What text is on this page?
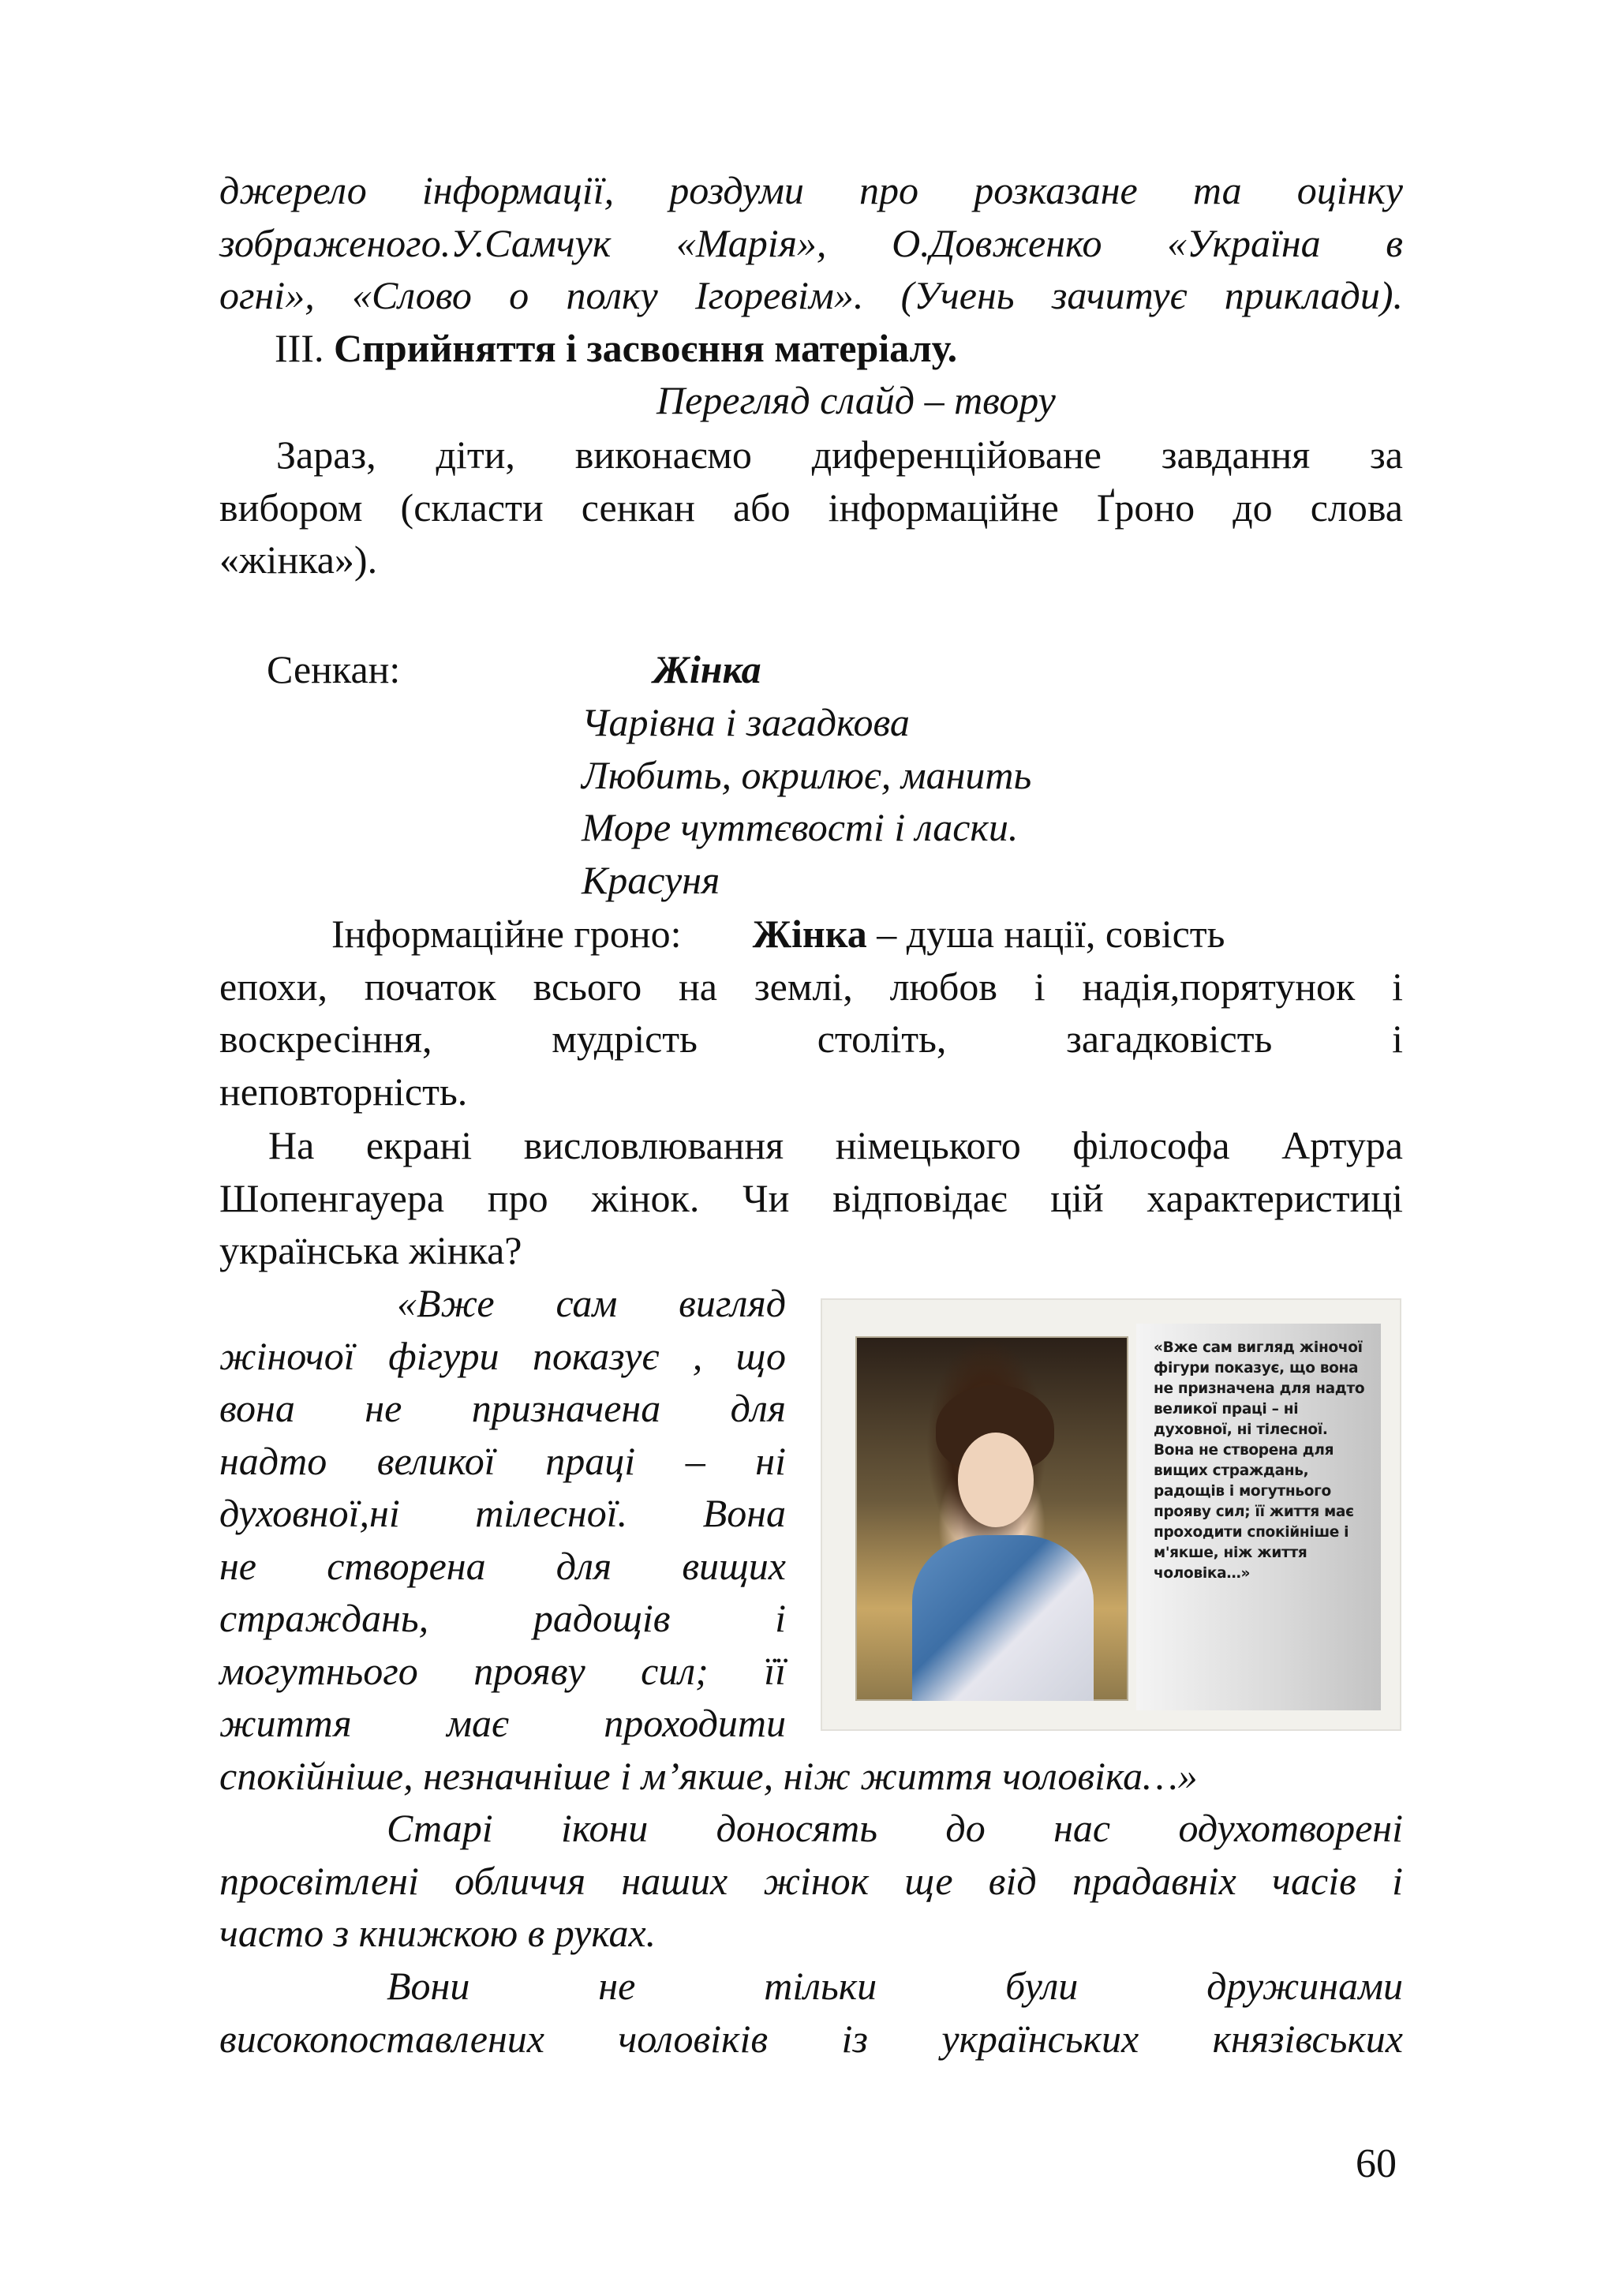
джерело інформації, роздуми про розказане та оцінку

зображеного.У.Самчук «Марія», О.Довженко «Україна в

огні», «Слово о полку Ігоревім». (Учень зачитує приклади).

ІІІ. Сприйняття і засвоєння матеріалу.

Перегляд слайд – твору

Зараз, діти, виконаємо диференційоване завдання за

вибором (скласти сенкан або інформаційне Ґроно до слова

«жінка»).

Сенкан:	Жінка

Чарівна і загадкова

Любить, окрилює, манить

Море чуттєвості і ласки.

Красуня

Інформаційне гроно: Жінка – душа нації, совість

епохи, початок всього на землі, любов і надія,порятунок і

воскресіння, мудрість століть, загадковість і

неповторність.

На екрані висловлювання німецького філософа Артура

Шопенгауера про жінок. Чи відповідає цій характеристиці

українська жінка?

«Вже сам вигляд

жіночої фігури показує , що

вона не призначена для

надто великої праці – ні

духовної,ні тілесної. Вона

не створена для вищих

страждань, радощів і

могутнього прояву сил; її

життя має проходити

«Вже сам вигляд жіночої фігури показує, що вона не призначена для надто великої праці – ні духовної, ні тілесної. Вона не створена для вищих страждань, радощів і могутнього прояву сил; її життя має проходити спокійніше і м'якше, ніж життя чоловіка…»

спокійніше, незначніше і м’якше, ніж життя чоловіка…»

Старі ікони доносять до нас одухотворені

просвітлені обличчя наших жінок ще від прадавніх часів і

часто з книжкою в руках.

Вони не тільки були дружинами

високопоставлених чоловіків із українських князівських

60
